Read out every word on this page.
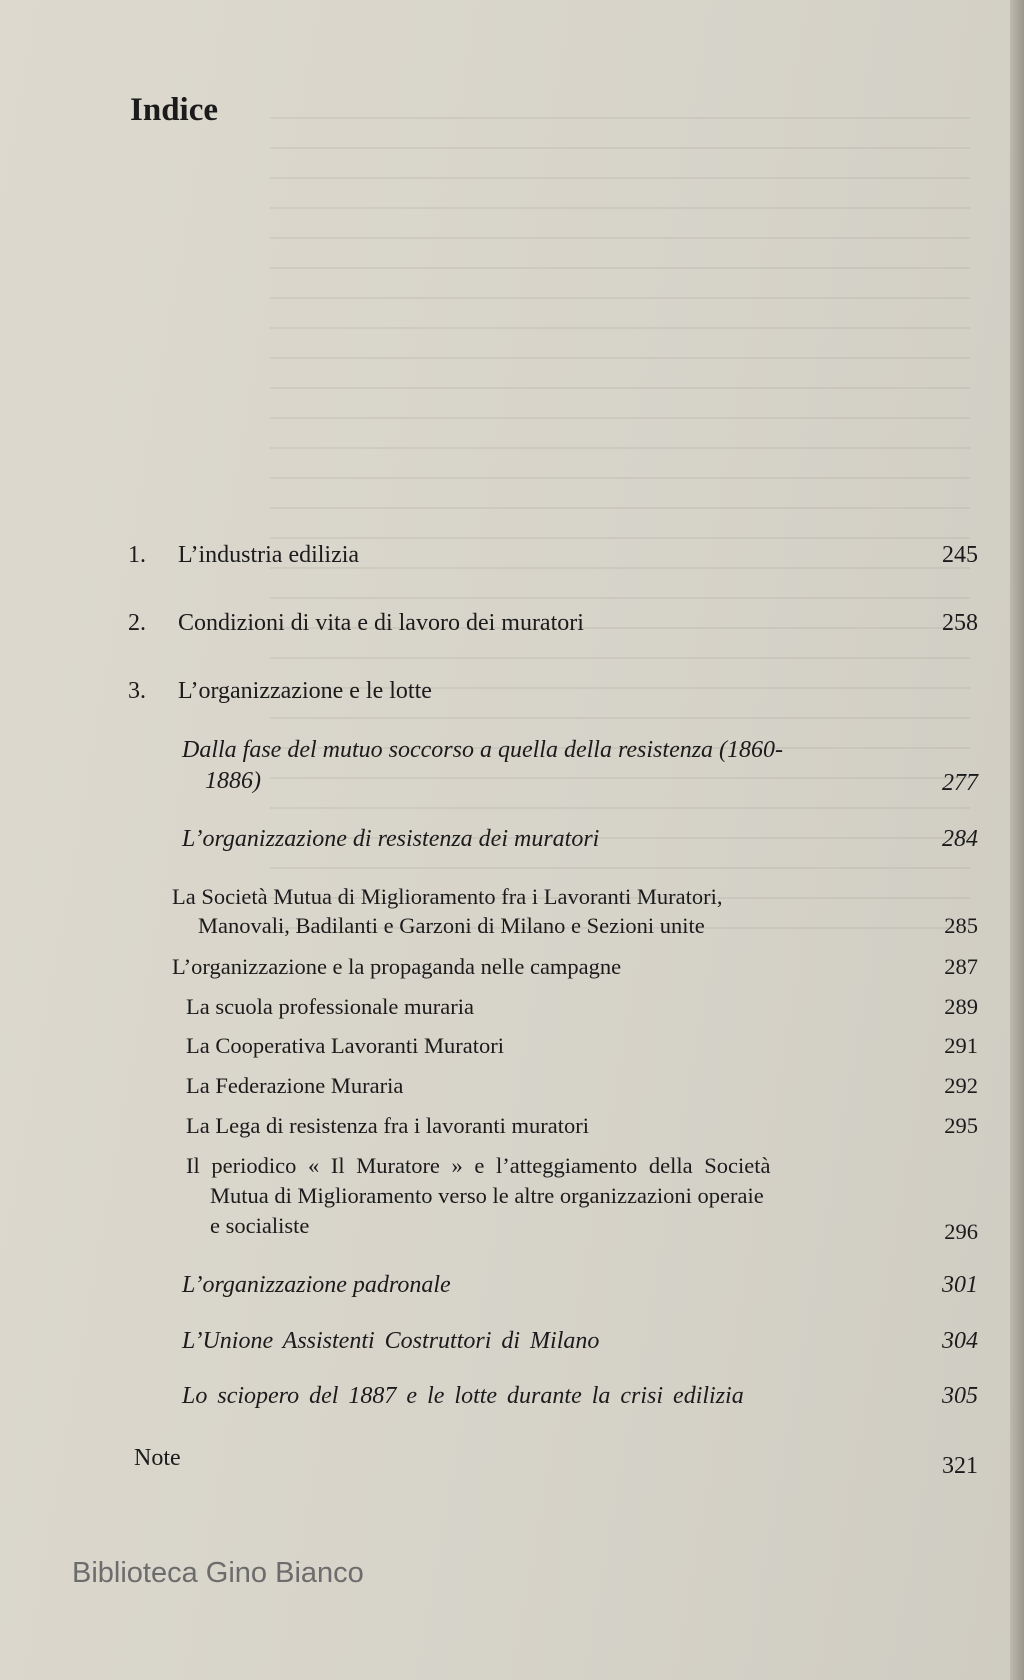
Indice
1. L’industria edilizia	245
2. Condizioni di vita e di lavoro dei muratori	258
3. L’organizzazione e le lotte
Dalla fase del mutuo soccorso a quella della resistenza (1860-
1886)	277
L’organizzazione di resistenza dei muratori	284
La Società Mutua di Miglioramento fra i Lavoranti Muratori,
Manovali, Badilanti e Garzoni di Milano e Sezioni unite	285
L’organizzazione e la propaganda nelle campagne	287
La scuola professionale muraria	289
La Cooperativa Lavoranti Muratori	291
La Federazione Muraria	292
La Lega di resistenza fra i lavoranti muratori	295
Il periodico « Il Muratore » e l’atteggiamento della Società
Mutua di Miglioramento verso le altre organizzazioni operaie
e socialiste	296
L’organizzazione padronale	301
L’Unione Assistenti Costruttori di Milano	304
Lo sciopero del 1887 e le lotte durante la crisi edilizia	305
Note	321
Biblioteca Gino Bianco
